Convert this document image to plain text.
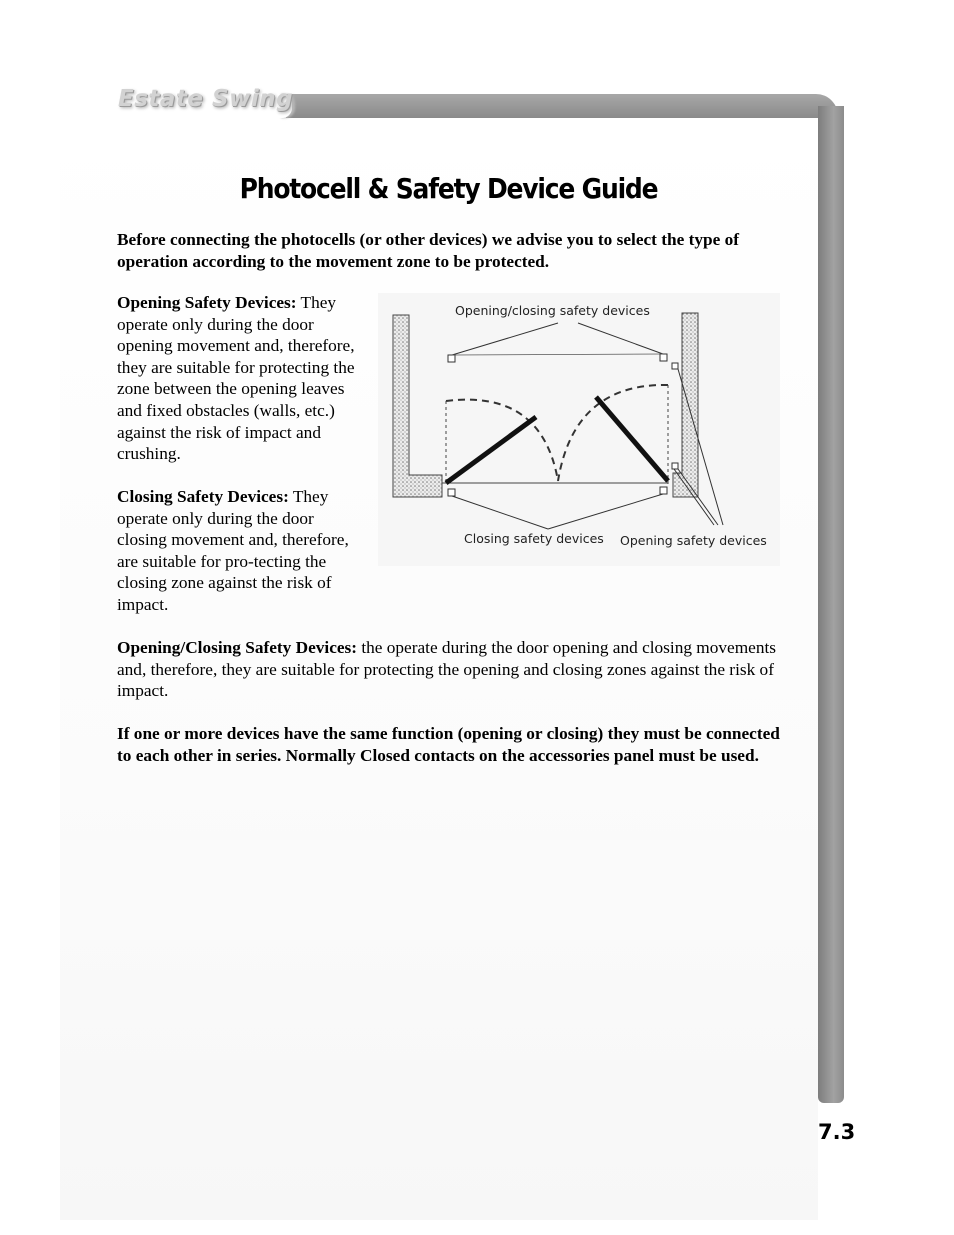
Estate Swing
Photocell & Safety Device Guide
Before connecting the photocells (or other devices) we advise you to select the type of operation according to the movement zone to be protected.
Opening Safety Devices: They operate only during the door opening movement and, therefore, they are suitable for protecting the zone between the opening leaves and fixed obstacles (walls, etc.) against the risk of impact and crushing.
Closing Safety Devices: They operate only during the door closing movement and, therefore, are suitable for pro-tecting the closing zone against the risk of impact.
Opening/Closing Safety Devices: the operate during the door opening and closing movements and, therefore, they are suitable for protecting the opening and closing zones against the risk of impact.
If one or more devices have the same function (opening or closing) they must be connected to each other in series. Normally Closed contacts on the accessories panel must be used.
Opening/closing safety devices
Closing safety devices Opening safety devices
7.3
